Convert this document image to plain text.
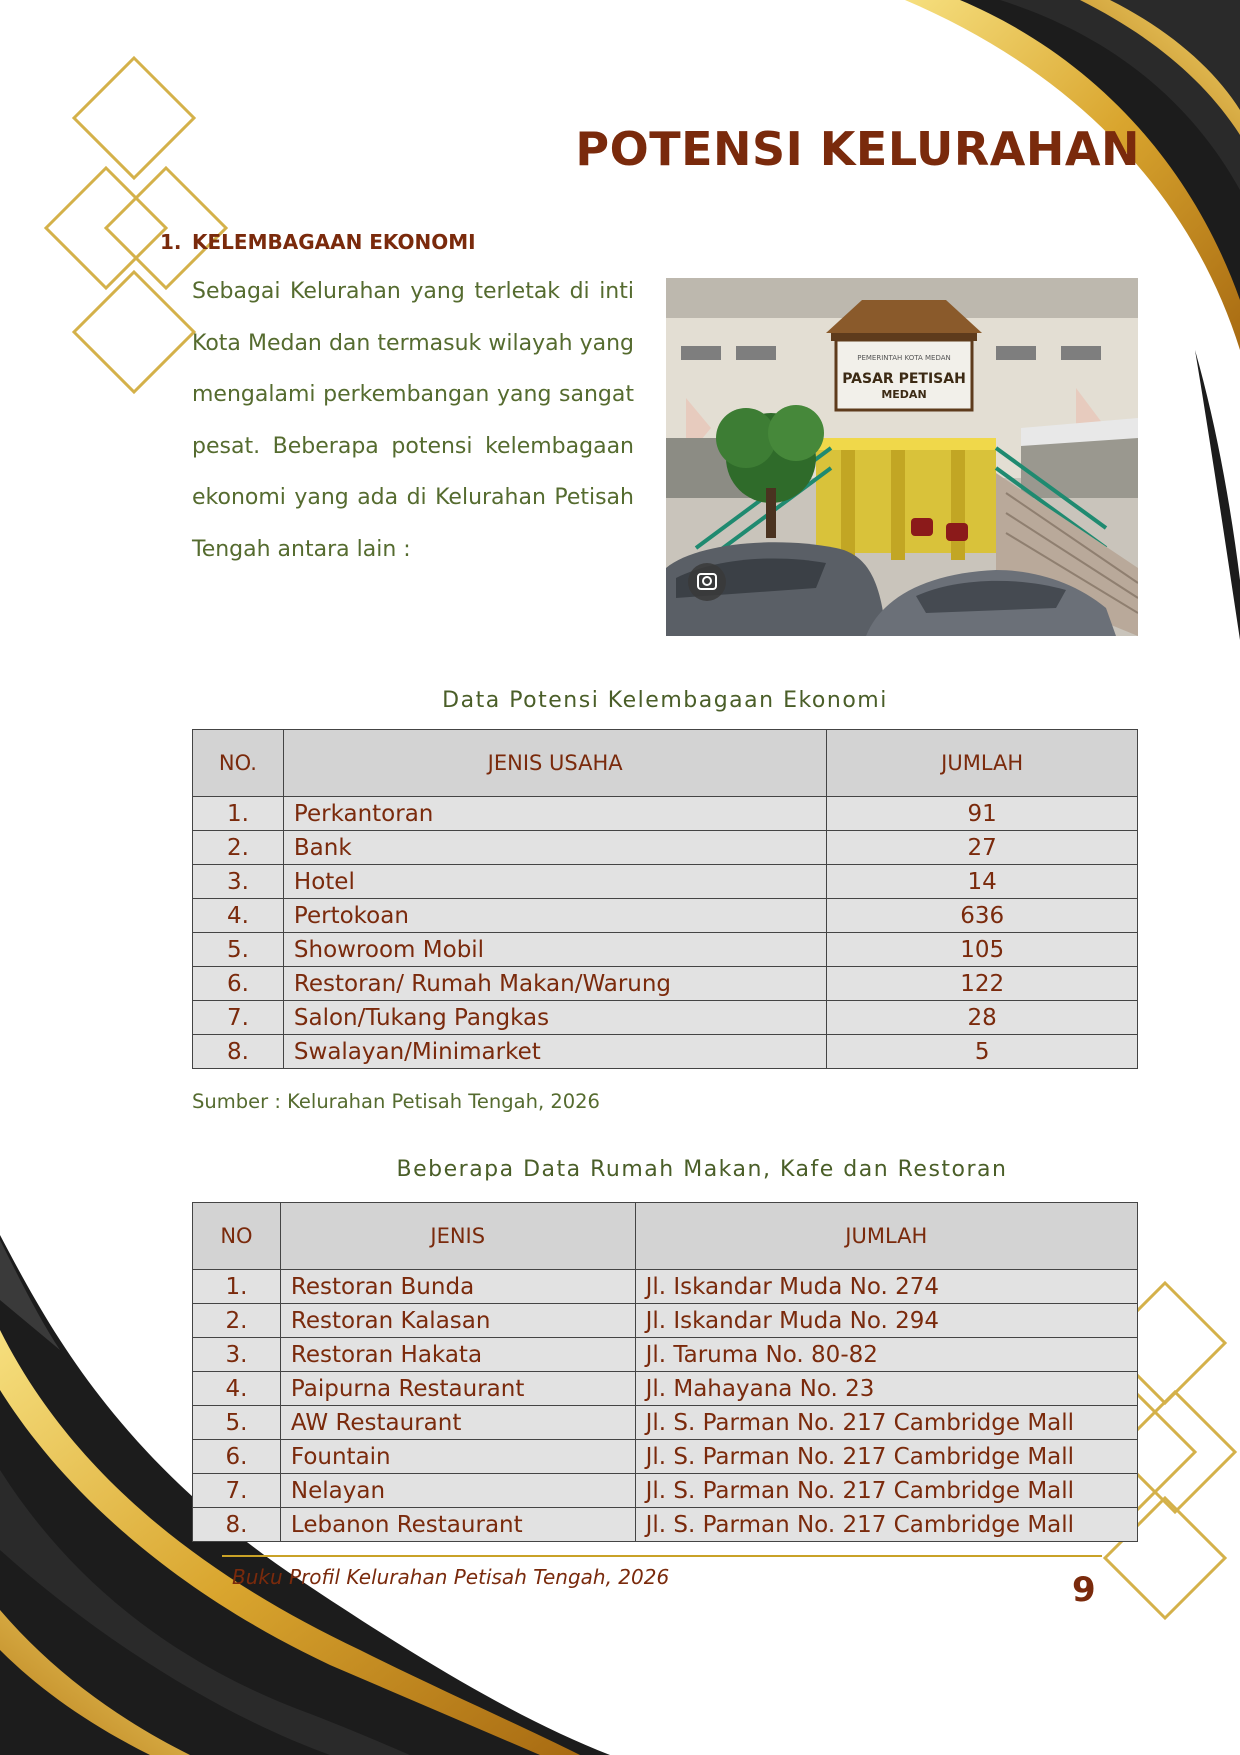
POTENSI KELURAHAN
1. KELEMBAGAAN EKONOMI

Sebagai Kelurahan yang terletak di inti Kota Medan dan termasuk wilayah yang mengalami perkembangan yang sangat pesat. Beberapa potensi kelembagaan ekonomi yang ada di Kelurahan Petisah Tengah antara lain :

PEMERINTAH KOTA MEDAN
PASAR PETISAH
MEDAN

Data Potensi Kelembagaan Ekonomi

NO.	JENIS USAHA	JUMLAH
1.	Perkantoran	91
2.	Bank	27
3.	Hotel	14
4.	Pertokoan	636
5.	Showroom Mobil	105
6.	Restoran/ Rumah Makan/Warung	122
7.	Salon/Tukang Pangkas	28
8.	Swalayan/Minimarket	5

Sumber : Kelurahan Petisah Tengah, 2026

Beberapa Data Rumah Makan, Kafe dan Restoran

NO	JENIS	JUMLAH
1.	Restoran Bunda	Jl. Iskandar Muda No. 274
2.	Restoran Kalasan	Jl. Iskandar Muda No. 294
3.	Restoran Hakata	Jl. Taruma No. 80-82
4.	Paipurna Restaurant	Jl. Mahayana No. 23
5.	AW Restaurant	Jl. S. Parman No. 217 Cambridge Mall
6.	Fountain	Jl. S. Parman No. 217 Cambridge Mall
7.	Nelayan	Jl. S. Parman No. 217 Cambridge Mall
8.	Lebanon Restaurant	Jl. S. Parman No. 217 Cambridge Mall

Buku Profil Kelurahan Petisah Tengah, 2026	9
